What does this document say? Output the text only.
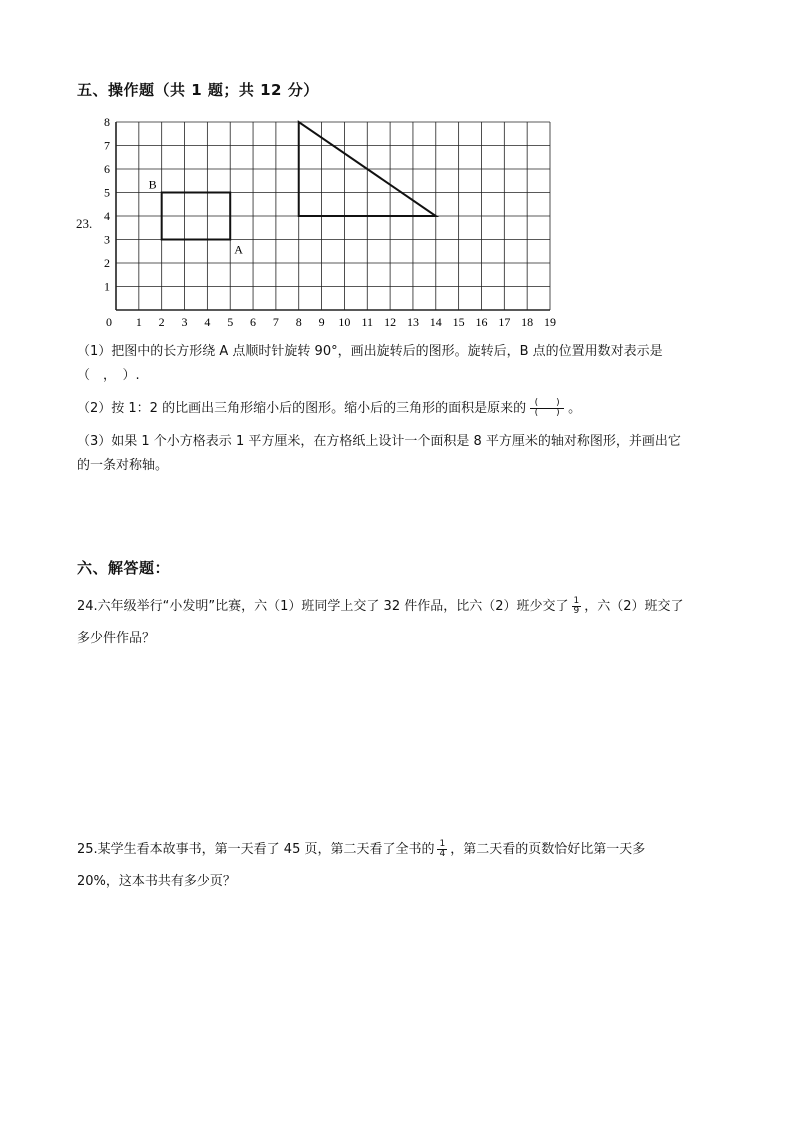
五、操作题（共 1 题；共 12 分）
23.
0 1 2 3 4 5 6 7 8 9 10 11 12 13 14 15 16 17 18 19
1
2
3
4
5
6
7
8
A
B
（1）把图中的长方形绕 A 点顺时针旋转 90°，画出旋转后的图形。旋转后，B 点的位置用数对表示是
（　，　）.
（2）按 1：2 的比画出三角形缩小后的图形。缩小后的三角形的面积是原来的 $\frac{( )}{( )}$ 。
（3）如果 1 个小方格表示 1 平方厘米，在方格纸上设计一个面积是 8 平方厘米的轴对称图形，并画出它
的一条对称轴。
六、解答题：
24.六年级举行“小发明”比赛，六（1）班同学上交了 32 件作品，比六（2）班少交了 $\frac{1}{9}$ ，六（2）班交了
多少件作品？
25.某学生看本故事书，第一天看了 45 页，第二天看了全书的 $\frac{1}{4}$ ，第二天看的页数恰好比第一天多
20%，这本书共有多少页？
